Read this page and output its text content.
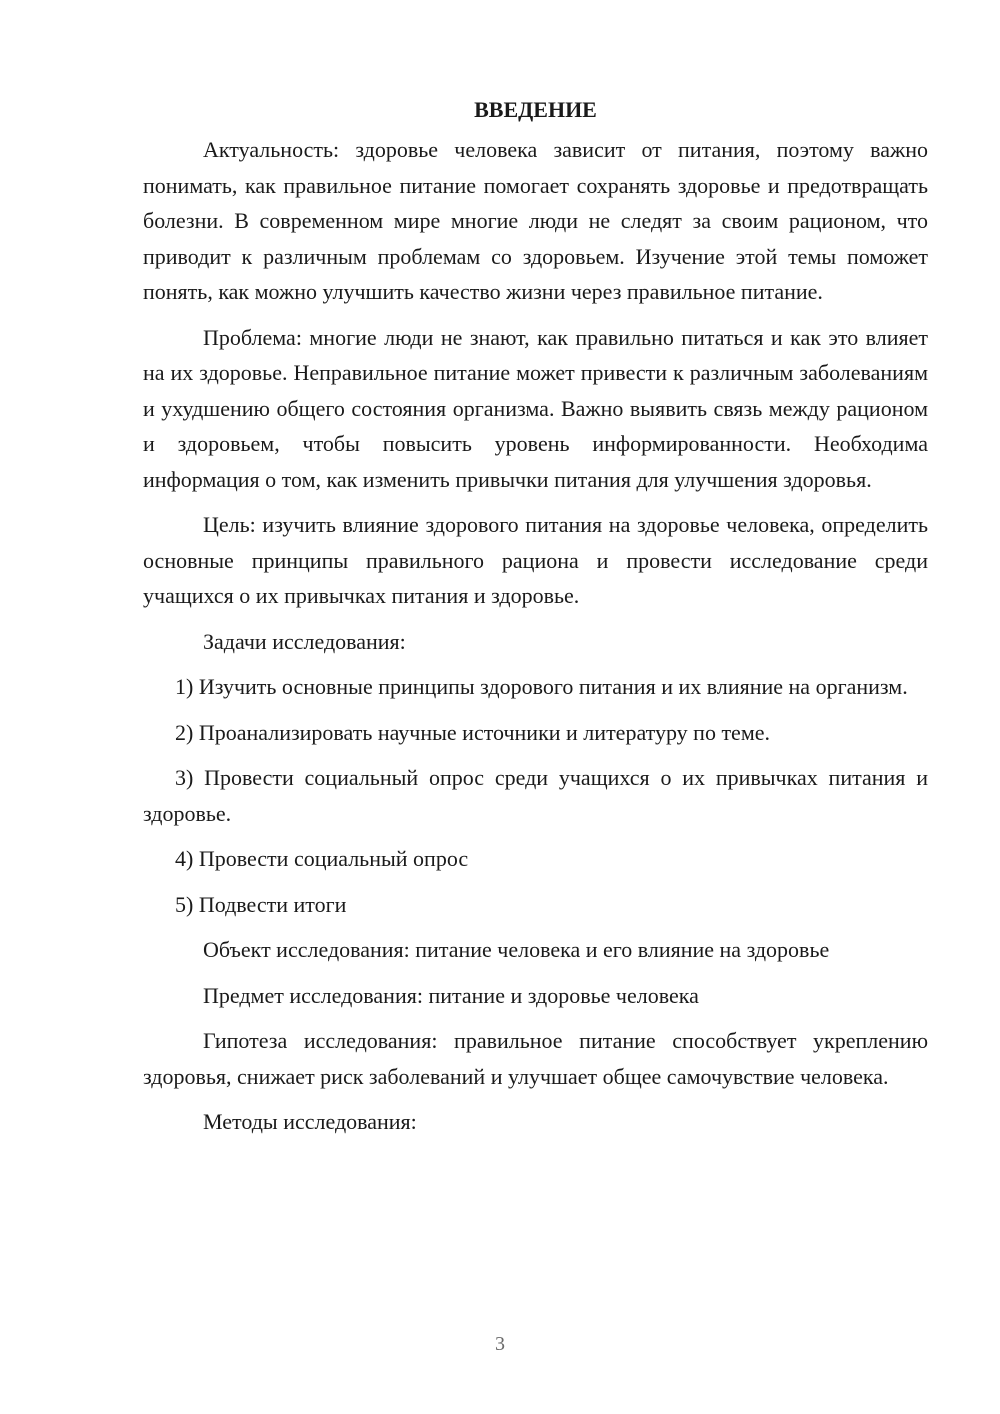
ВВЕДЕНИЕ

Актуальность: здоровье человека зависит от питания, поэтому важно понимать, как правильное питание помогает сохранять здоровье и предотвращать болезни. В современном мире многие люди не следят за своим рационом, что приводит к различным проблемам со здоровьем. Изучение этой темы поможет понять, как можно улучшить качество жизни через правильное питание.

Проблема: многие люди не знают, как правильно питаться и как это влияет на их здоровье. Неправильное питание может привести к различным заболеваниям и ухудшению общего состояния организма. Важно выявить связь между рационом и здоровьем, чтобы повысить уровень информированности. Необходима информация о том, как изменить привычки питания для улучшения здоровья.

Цель: изучить влияние здорового питания на здоровье человека, определить основные принципы правильного рациона и провести исследование среди учащихся о их привычках питания и здоровье.

Задачи исследования:

1) Изучить основные принципы здорового питания и их влияние на организм.

2) Проанализировать научные источники и литературу по теме.

3) Провести социальный опрос среди учащихся о их привычках питания и здоровье.

4) Провести социальный опрос

5) Подвести итоги

Объект исследования: питание человека и его влияние на здоровье

Предмет исследования: питание и здоровье человека

Гипотеза исследования: правильное питание способствует укреплению здоровья, снижает риск заболеваний и улучшает общее самочувствие человека.

Методы исследования:

3
